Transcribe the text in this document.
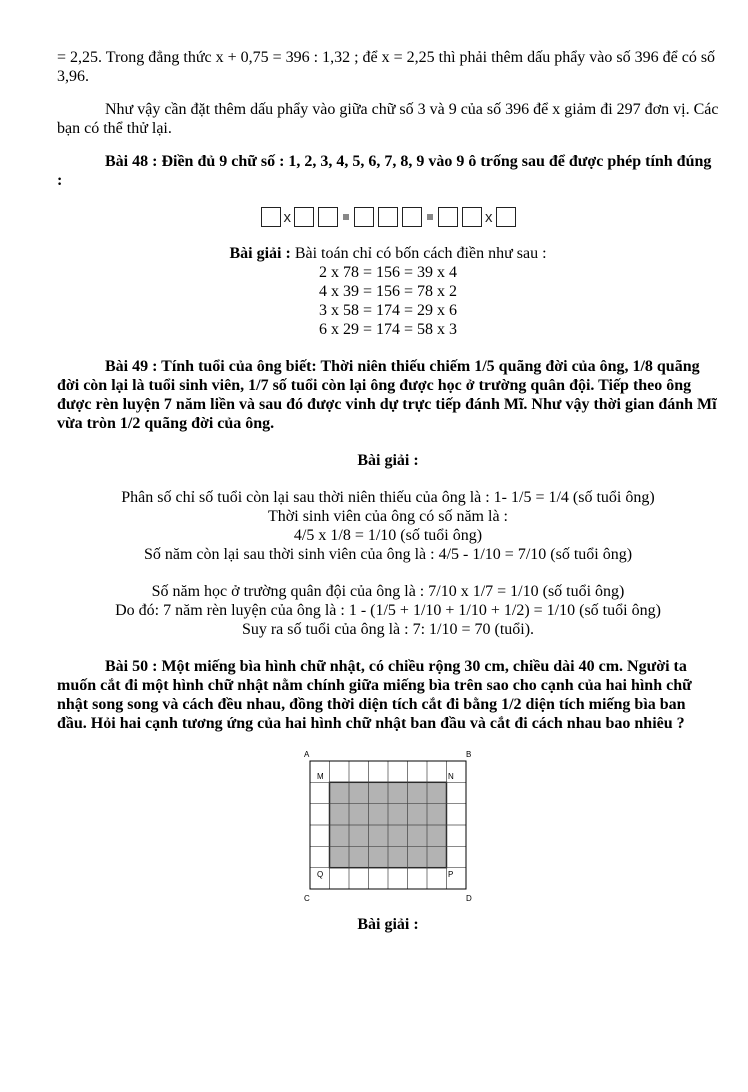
= 2,25. Trong đẳng thức x + 0,75 = 396 : 1,32 ; để x = 2,25 thì phải thêm dấu phẩy vào số 396 để có số 3,96.

Như vậy cần đặt thêm dấu phẩy vào giữa chữ số 3 và 9 của số 396 để x giảm đi 297 đơn vị. Các bạn có thể thử lại.

Bài 48 : Điền đủ 9 chữ số : 1, 2, 3, 4, 5, 6, 7, 8, 9 vào 9 ô trống sau để được phép tính đúng :

x	x

Bài giải : Bài toán chỉ có bốn cách điền như sau :

2 x 78 = 156 = 39 x 4

4 x 39 = 156 = 78 x 2

3 x 58 = 174 = 29 x 6

6 x 29 = 174 = 58 x 3

Bài 49 : Tính tuổi của ông biết: Thời niên thiếu chiếm 1/5 quãng đời của ông, 1/8 quãng đời còn lại là tuổi sinh viên, 1/7 số tuổi còn lại ông được học ở trường quân đội. Tiếp theo ông được rèn luyện 7 năm liền và sau đó được vinh dự trực tiếp đánh Mĩ. Như vậy thời gian đánh Mĩ vừa tròn 1/2 quãng đời của ông.

Bài giải :

Phân số chỉ số tuổi còn lại sau thời niên thiếu của ông là : 1- 1/5 = 1/4 (số tuổi ông)

Thời sinh viên của ông có số năm là :

4/5 x 1/8 = 1/10 (số tuổi ông)

Số năm còn lại sau thời sinh viên của ông là : 4/5 - 1/10 = 7/10 (số tuổi ông)

Số năm học ở trường quân đội của ông là : 7/10 x 1/7 = 1/10 (số tuổi ông)

Do đó: 7 năm rèn luyện của ông là : 1 - (1/5 + 1/10 + 1/10 + 1/2) = 1/10 (số tuổi ông)

Suy ra số tuổi của ông là : 7: 1/10 = 70 (tuổi).

Bài 50 : Một miếng bìa hình chữ nhật, có chiều rộng 30 cm, chiều dài 40 cm. Người ta muốn cắt đi một hình chữ nhật nằm chính giữa miếng bìa trên sao cho cạnh của hai hình chữ nhật song song và cách đều nhau, đồng thời diện tích cắt đi bằng 1/2 diện tích miếng bìa ban đầu. Hỏi hai cạnh tương ứng của hai hình chữ nhật ban đầu và cắt đi cách nhau bao nhiêu ?

A	B
C	D
M	N
Q	P

Bài giải :
